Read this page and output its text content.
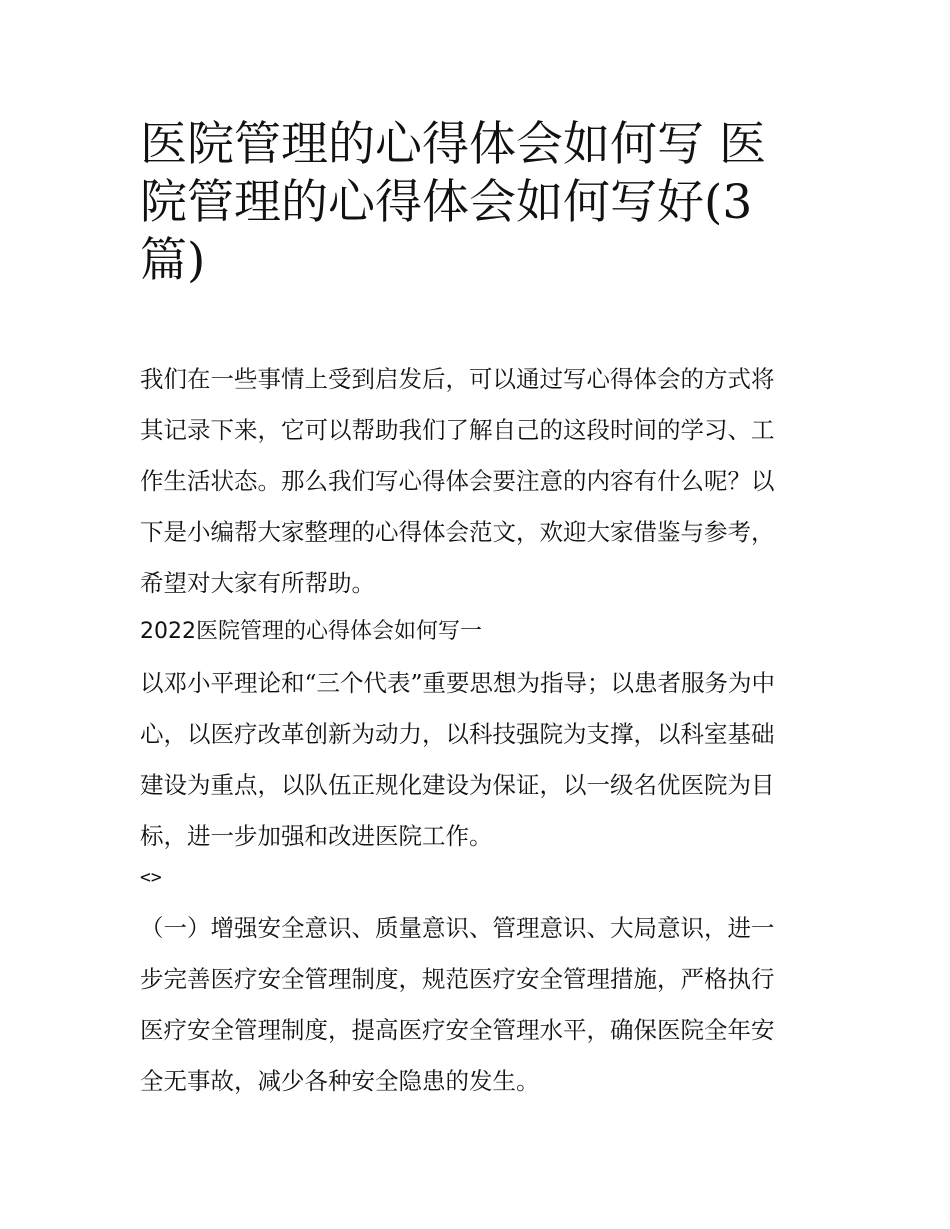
医院管理的心得体会如何写 医
院管理的心得体会如何写好(3
篇)

我们在一些事情上受到启发后，可以通过写心得体会的方式将
其记录下来，它可以帮助我们了解自己的这段时间的学习、工
作生活状态。那么我们写心得体会要注意的内容有什么呢？以
下是小编帮大家整理的心得体会范文，欢迎大家借鉴与参考，
希望对大家有所帮助。

2022医院管理的心得体会如何写一

以邓小平理论和“三个代表”重要思想为指导；以患者服务为中
心，以医疗改革创新为动力，以科技强院为支撑，以科室基础
建设为重点，以队伍正规化建设为保证，以一级名优医院为目
标，进一步加强和改进医院工作。

<>

（一）增强安全意识、质量意识、管理意识、大局意识，进一
步完善医疗安全管理制度，规范医疗安全管理措施，严格执行
医疗安全管理制度，提高医疗安全管理水平，确保医院全年安
全无事故，减少各种安全隐患的发生。
